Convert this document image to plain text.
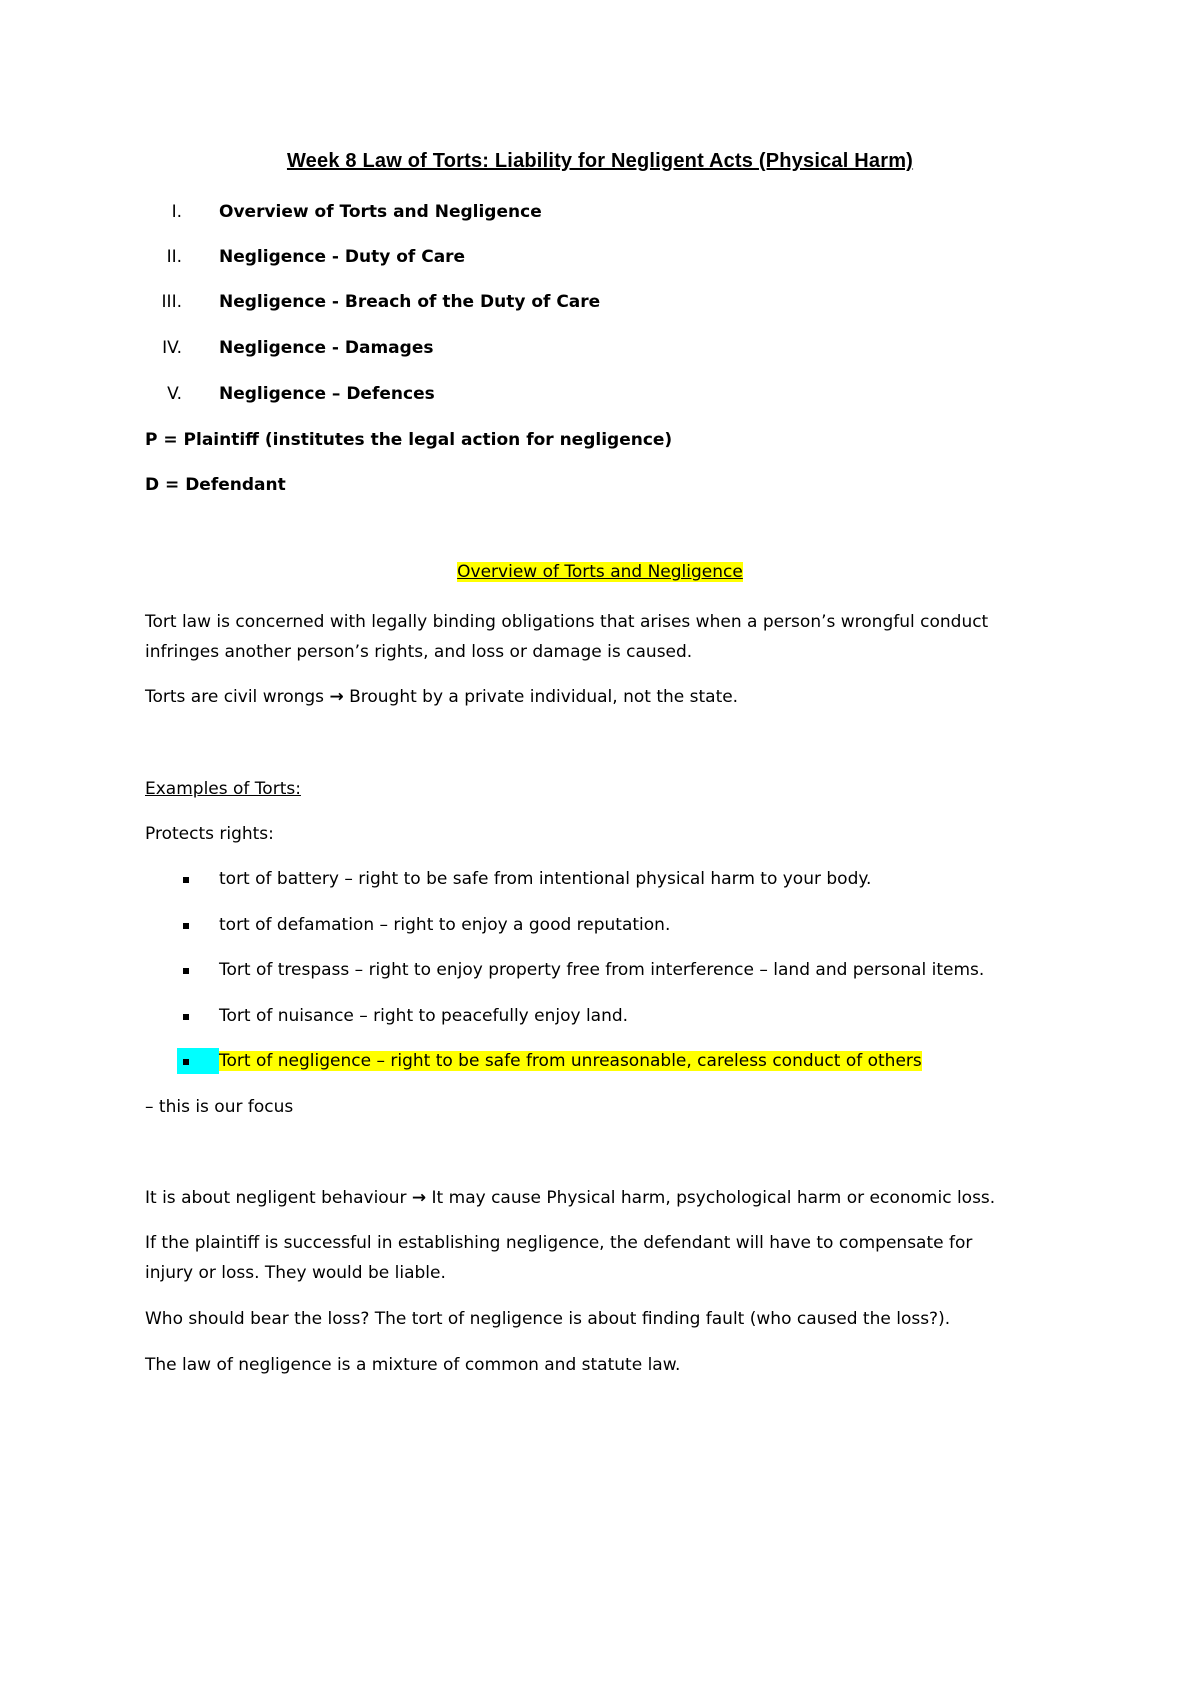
Week 8 Law of Torts: Liability for Negligent Acts (Physical Harm)
I. Overview of Torts and Negligence
II. Negligence - Duty of Care
III. Negligence - Breach of the Duty of Care
IV. Negligence - Damages
V. Negligence – Defences
P = Plaintiff (institutes the legal action for negligence)
D = Defendant
Overview of Torts and Negligence
Tort law is concerned with legally binding obligations that arises when a person’s wrongful conduct
infringes another person’s rights, and loss or damage is caused.
Torts are civil wrongs → Brought by a private individual, not the state.
Examples of Torts:
Protects rights:
tort of battery – right to be safe from intentional physical harm to your body.
tort of defamation – right to enjoy a good reputation.
Tort of trespass – right to enjoy property free from interference – land and personal items.
Tort of nuisance – right to peacefully enjoy land.
Tort of negligence – right to be safe from unreasonable, careless conduct of others
– this is our focus
It is about negligent behaviour → It may cause Physical harm, psychological harm or economic loss.
If the plaintiff is successful in establishing negligence, the defendant will have to compensate for
injury or loss. They would be liable.
Who should bear the loss? The tort of negligence is about finding fault (who caused the loss?).
The law of negligence is a mixture of common and statute law.
